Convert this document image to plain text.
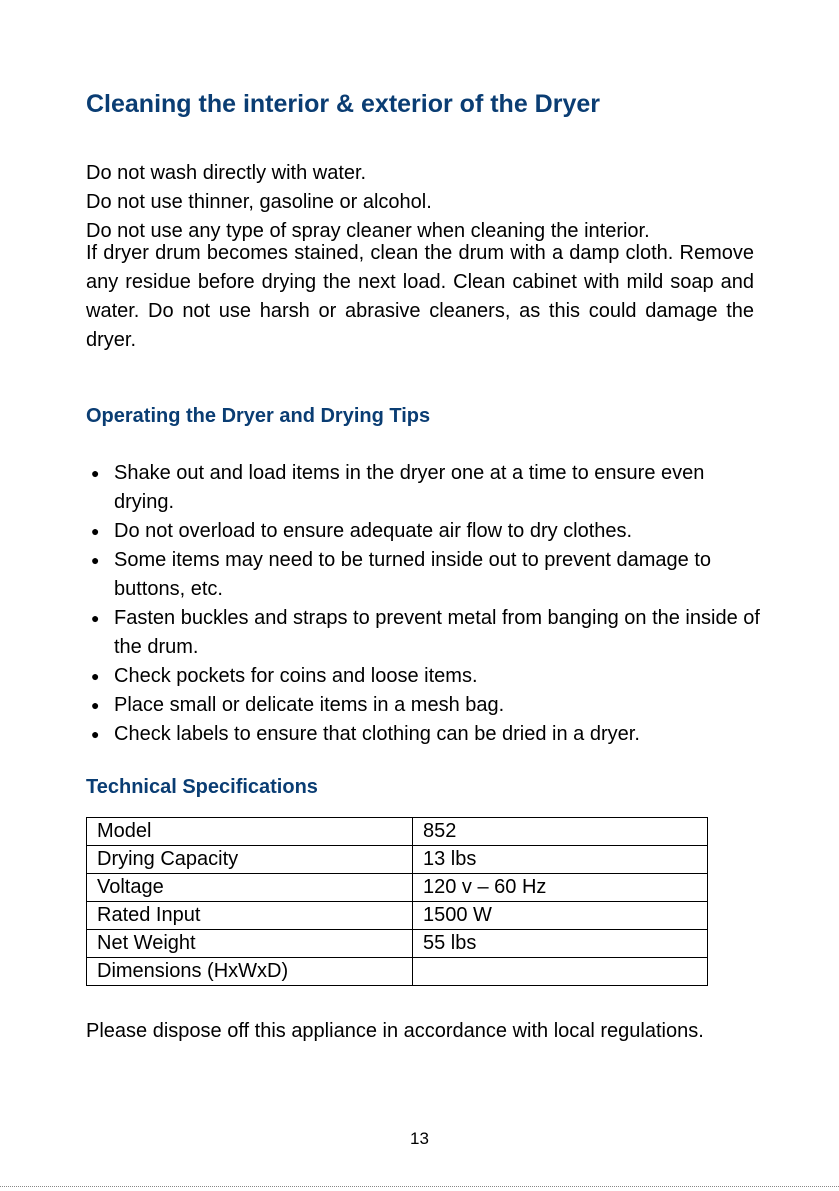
Cleaning the interior & exterior of the Dryer
Do not wash directly with water.
Do not use thinner, gasoline or alcohol.
Do not use any type of spray cleaner when cleaning the interior.

If dryer drum becomes stained, clean the drum with a damp cloth. Remove any residue before drying the next load. Clean cabinet with mild soap and water. Do not use harsh or abrasive cleaners, as this could damage the dryer.

Operating the Dryer and Drying Tips
● Shake out and load items in the dryer one at a time to ensure even drying.
● Do not overload to ensure adequate air flow to dry clothes.
● Some items may need to be turned inside out to prevent damage to buttons, etc.
● Fasten buckles and straps to prevent metal from banging on the inside of the drum.
● Check pockets for coins and loose items.
● Place small or delicate items in a mesh bag.
● Check labels to ensure that clothing can be dried in a dryer.
Technical Specifications
Model	852
Drying Capacity	13 lbs
Voltage	120 v – 60 Hz
Rated Input	1500 W
Net Weight	55 lbs
Dimensions (HxWxD)	

Please dispose off this appliance in accordance with local regulations.

13
